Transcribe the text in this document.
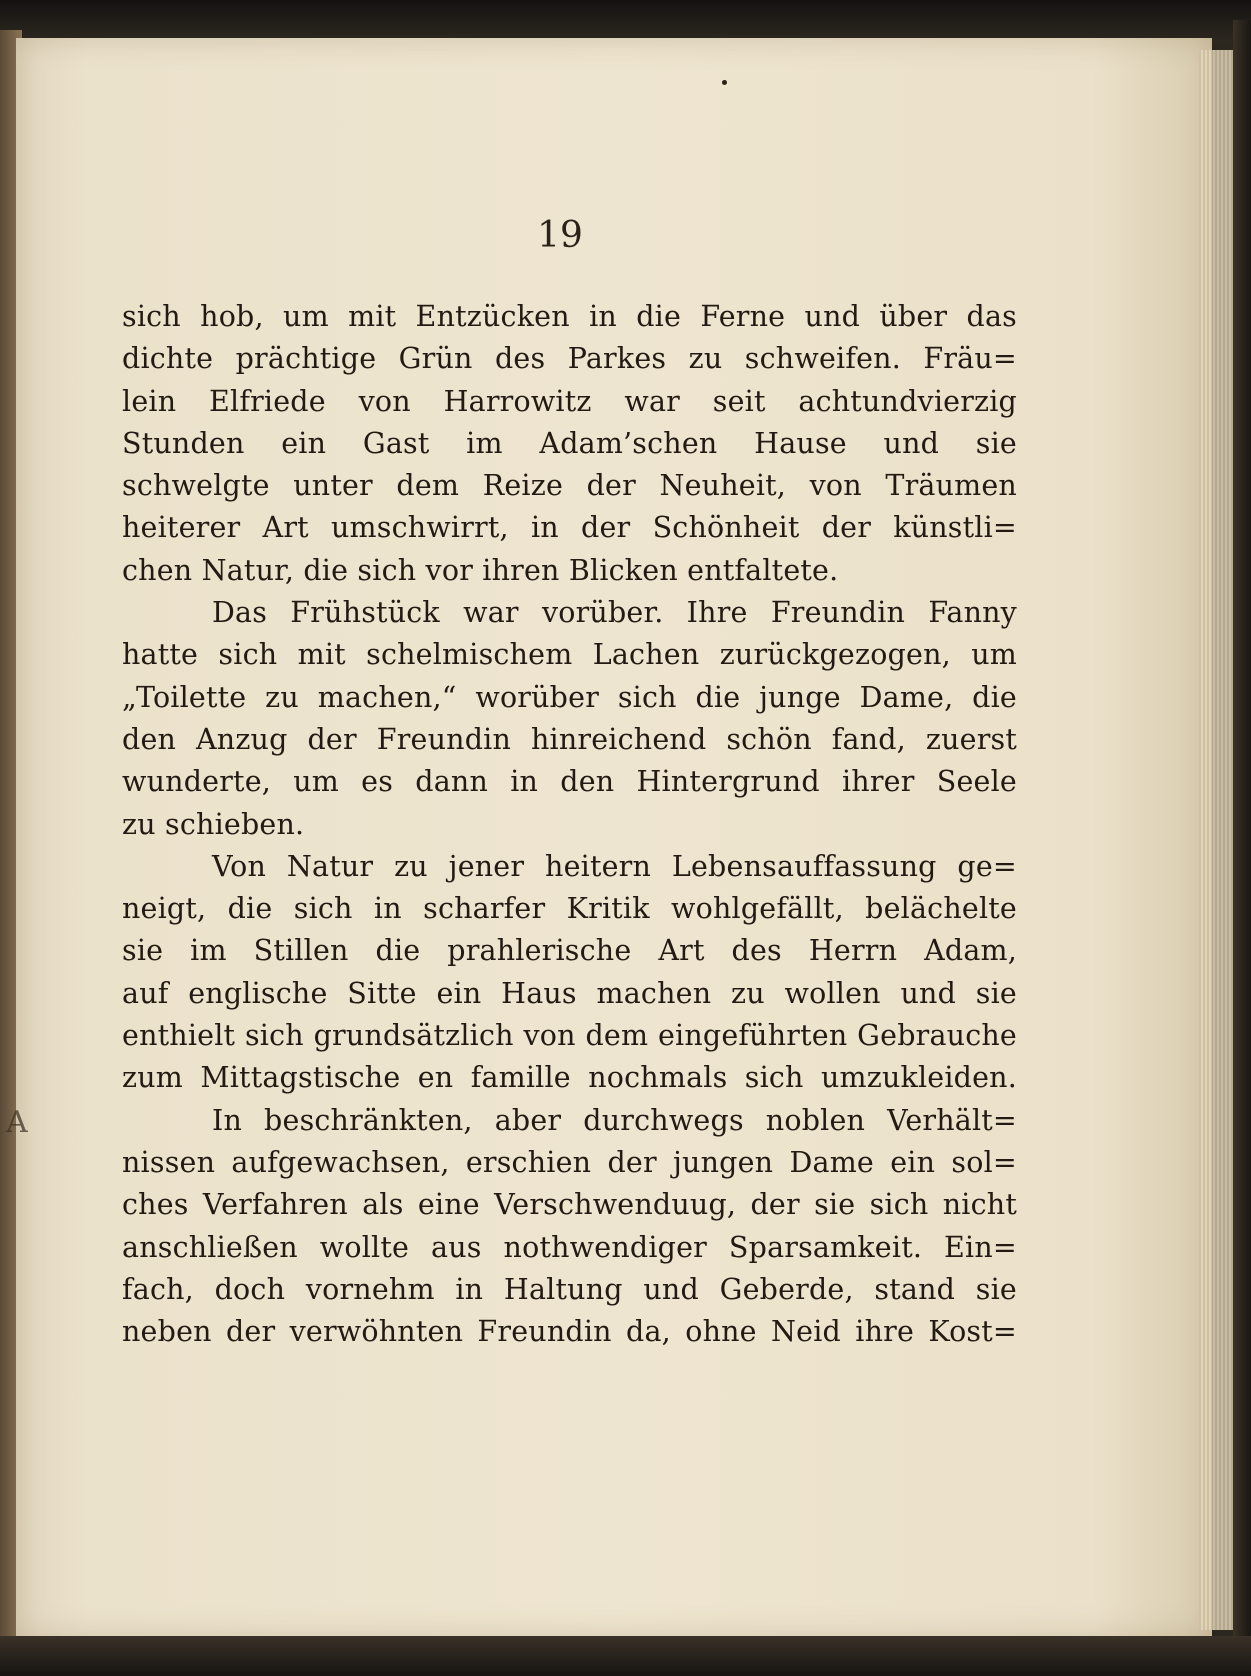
A

19

sich hob, um mit Entzücken in die Ferne und über das
dichte prächtige Grün des Parkes zu schweifen. Fräu=
lein Elfriede von Harrowitz war seit achtundvierzig
Stunden ein Gast im Adam’schen Hause und sie
schwelgte unter dem Reize der Neuheit, von Träumen
heiterer Art umschwirrt, in der Schönheit der künstli=
chen Natur, die sich vor ihren Blicken entfaltete.
Das Frühstück war vorüber. Ihre Freundin Fanny
hatte sich mit schelmischem Lachen zurückgezogen, um
„Toilette zu machen,“ worüber sich die junge Dame, die
den Anzug der Freundin hinreichend schön fand, zuerst
wunderte, um es dann in den Hintergrund ihrer Seele
zu schieben.
Von Natur zu jener heitern Lebensauffassung ge=
neigt, die sich in scharfer Kritik wohlgefällt, belächelte
sie im Stillen die prahlerische Art des Herrn Adam,
auf englische Sitte ein Haus machen zu wollen und sie
enthielt sich grundsätzlich von dem eingeführten Gebrauche
zum Mittagstische en famille nochmals sich umzukleiden.
In beschränkten, aber durchwegs noblen Verhält=
nissen aufgewachsen, erschien der jungen Dame ein sol=
ches Verfahren als eine Verschwenduug, der sie sich nicht
anschließen wollte aus nothwendiger Sparsamkeit. Ein=
fach, doch vornehm in Haltung und Geberde, stand sie
neben der verwöhnten Freundin da, ohne Neid ihre Kost=
